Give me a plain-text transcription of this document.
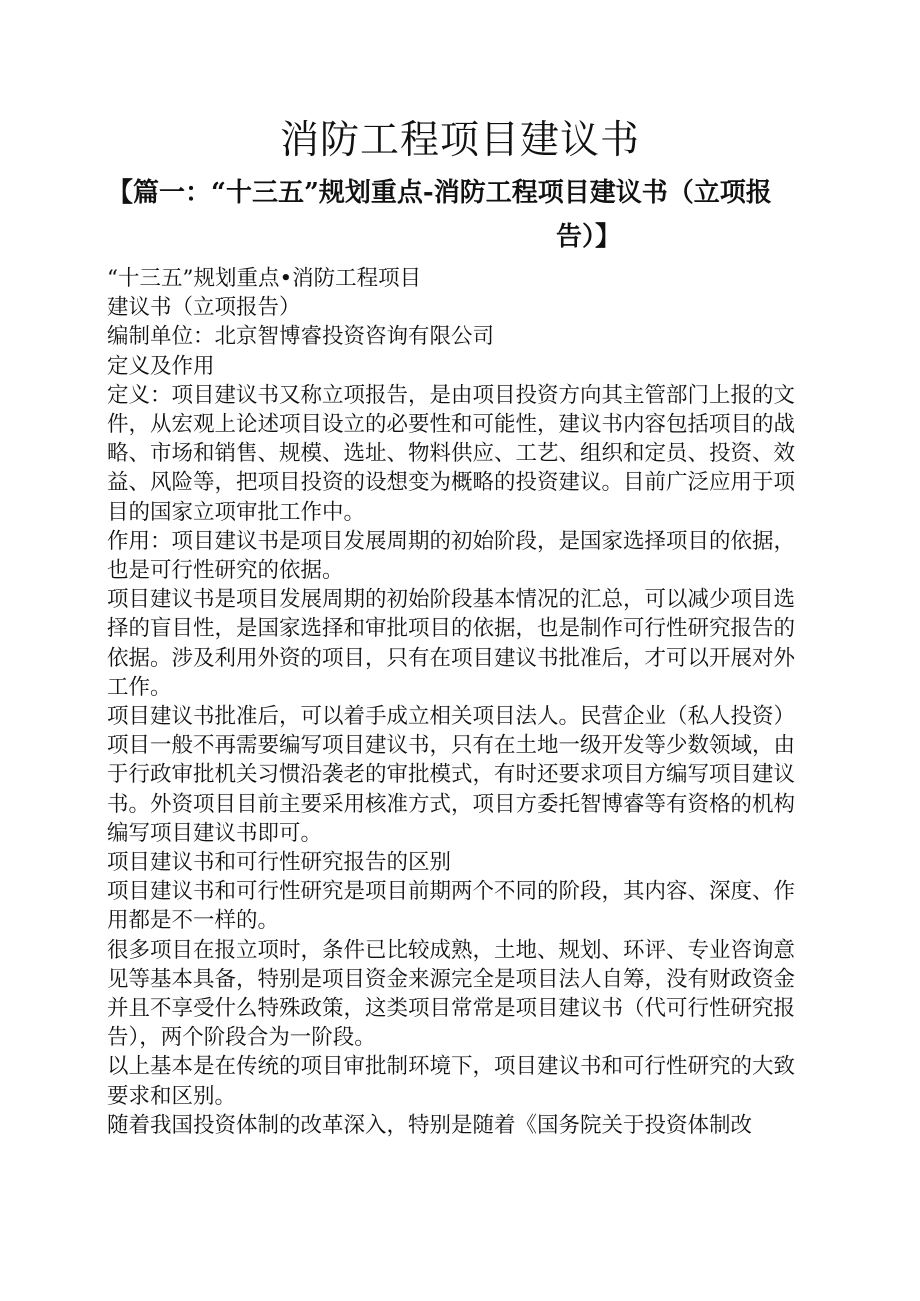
消防工程项目建议书
【篇一：“十三五”规划重点-消防工程项目建议书（立项报
告）】

“十三五”规划重点•消防工程项目

建议书（立项报告）

编制单位：北京智博睿投资咨询有限公司

定义及作用

定义：项目建议书又称立项报告，是由项目投资方向其主管部门上报的文件，从宏观上论述项目设立的必要性和可能性，建议书内容包括项目的战略、市场和销售、规模、选址、物料供应、工艺、组织和定员、投资、效益、风险等，把项目投资的设想变为概略的投资建议。目前广泛应用于项目的国家立项审批工作中。

作用：项目建议书是项目发展周期的初始阶段，是国家选择项目的依据，也是可行性研究的依据。

项目建议书是项目发展周期的初始阶段基本情况的汇总，可以减少项目选择的盲目性，是国家选择和审批项目的依据，也是制作可行性研究报告的依据。涉及利用外资的项目，只有在项目建议书批准后，才可以开展对外工作。

项目建议书批准后，可以着手成立相关项目法人。民营企业（私人投资）项目一般不再需要编写项目建议书，只有在土地一级开发等少数领域，由于行政审批机关习惯沿袭老的审批模式，有时还要求项目方编写项目建议书。外资项目目前主要采用核准方式，项目方委托智博睿等有资格的机构编写项目建议书即可。

项目建议书和可行性研究报告的区别

项目建议书和可行性研究是项目前期两个不同的阶段，其内容、深度、作用都是不一样的。

很多项目在报立项时，条件已比较成熟，土地、规划、环评、专业咨询意见等基本具备，特别是项目资金来源完全是项目法人自筹，没有财政资金并且不享受什么特殊政策，这类项目常常是项目建议书（代可行性研究报告），两个阶段合为一阶段。

以上基本是在传统的项目审批制环境下，项目建议书和可行性研究的大致要求和区别。

随着我国投资体制的改革深入，特别是随着《国务院关于投资体制改
